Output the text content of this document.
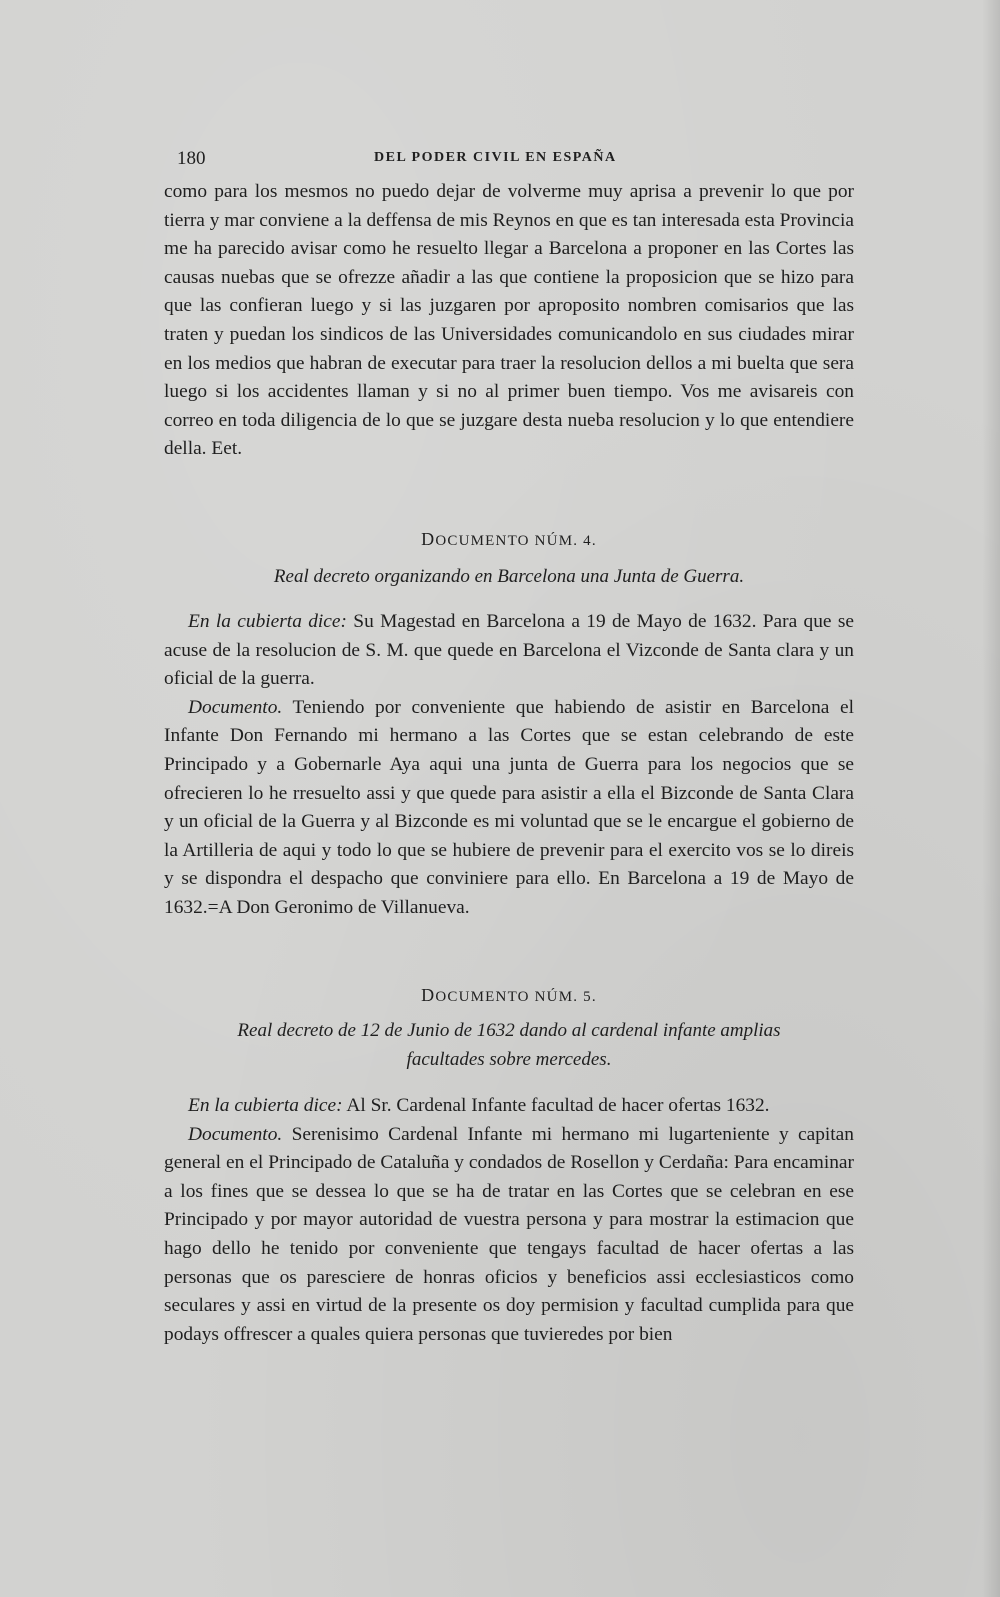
180	DEL PODER CIVIL EN ESPAÑA

como para los mesmos no puedo dejar de volverme muy aprisa a prevenir lo que por tierra y mar conviene a la deffensa de mis Reynos en que es tan interesada esta Provincia me ha parecido avisar como he resuelto llegar a Barcelona a proponer en las Cortes las causas nuebas que se ofrezze añadir a las que contiene la proposicion que se hizo para que las confieran luego y si las juzgaren por aproposito nombren comisarios que las traten y puedan los sindicos de las Universidades comunicandolo en sus ciudades mirar en los medios que habran de executar para traer la resolucion dellos a mi buelta que sera luego si los accidentes llaman y si no al primer buen tiempo. Vos me avisareis con correo en toda diligencia de lo que se juzgare desta nueba resolucion y lo que entendiere della. Eet.

DOCUMENTO NÚM. 4.
Real decreto organizando en Barcelona una Junta de Guerra.

En la cubierta dice: Su Magestad en Barcelona a 19 de Mayo de 1632. Para que se acuse de la resolucion de S. M. que quede en Barcelona el Vizconde de Santa clara y un oficial de la guerra.

Documento. Teniendo por conveniente que habiendo de asistir en Barcelona el Infante Don Fernando mi hermano a las Cortes que se estan celebrando de este Principado y a Gobernarle Aya aqui una junta de Guerra para los negocios que se ofrecieren lo he rresuelto assi y que quede para asistir a ella el Bizconde de Santa Clara y un oficial de la Guerra y al Bizconde es mi voluntad que se le encargue el gobierno de la Artilleria de aqui y todo lo que se hubiere de prevenir para el exercito vos se lo direis y se dispondra el despacho que conviniere para ello. En Barcelona a 19 de Mayo de 1632.=A Don Geronimo de Villanueva.

DOCUMENTO NÚM. 5.
Real decreto de 12 de Junio de 1632 dando al cardenal infante amplias
facultades sobre mercedes.

En la cubierta dice: Al Sr. Cardenal Infante facultad de hacer ofertas 1632.

Documento. Serenisimo Cardenal Infante mi hermano mi lugarteniente y capitan general en el Principado de Cataluña y condados de Rosellon y Cerdaña: Para encaminar a los fines que se dessea lo que se ha de tratar en las Cortes que se celebran en ese Principado y por mayor autoridad de vuestra persona y para mostrar la estimacion que hago dello he tenido por conveniente que tengays facultad de hacer ofertas a las personas que os paresciere de honras oficios y beneficios assi ecclesiasticos como seculares y assi en virtud de la presente os doy permision y facultad cumplida para que podays offrescer a quales quiera personas que tuvieredes por bien
